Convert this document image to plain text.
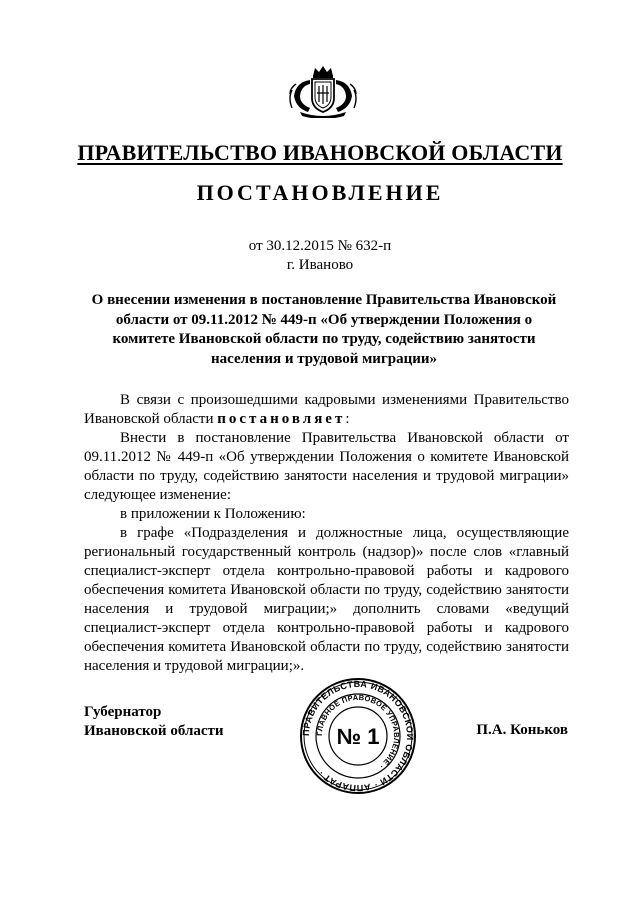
ПРАВИТЕЛЬСТВО ИВАНОВСКОЙ ОБЛАСТИ
ПОСТАНОВЛЕНИЕ
от 30.12.2015 № 632-п
г. Иваново
О внесении изменения в постановление Правительства Ивановской области от 09.11.2012 № 449-п «Об утверждении Положения о комитете Ивановской области по труду, содействию занятости населения и трудовой миграции»

В связи с произошедшими кадровыми изменениями Правительство Ивановской области постановляет:

Внести в постановление Правительства Ивановской области от 09.11.2012 № 449-п «Об утверждении Положения о комитете Ивановской области по труду, содействию занятости населения и трудовой миграции» следующее изменение:

в приложении к Положению:

в графе «Подразделения и должностные лица, осуществляющие региональный государственный контроль (надзор)» после слов «главный специалист-эксперт отдела контрольно-правовой работы и кадрового обеспечения комитета Ивановской области по труду, содействию занятости населения и трудовой миграции;» дополнить словами «ведущий специалист-эксперт отдела контрольно-правовой работы и кадрового обеспечения комитета Ивановской области по труду, содействию занятости населения и трудовой миграции;».

Губернатор
Ивановской области	ПРАВИТЕЛЬСТВА ИВАНОВСКОЙ ОБЛАСТИ · АППАРАТ ·
ГЛАВНОЕ ПРАВОВОЕ УПРАВЛЕНИЕ ·
№ 1	П.А. Коньков
